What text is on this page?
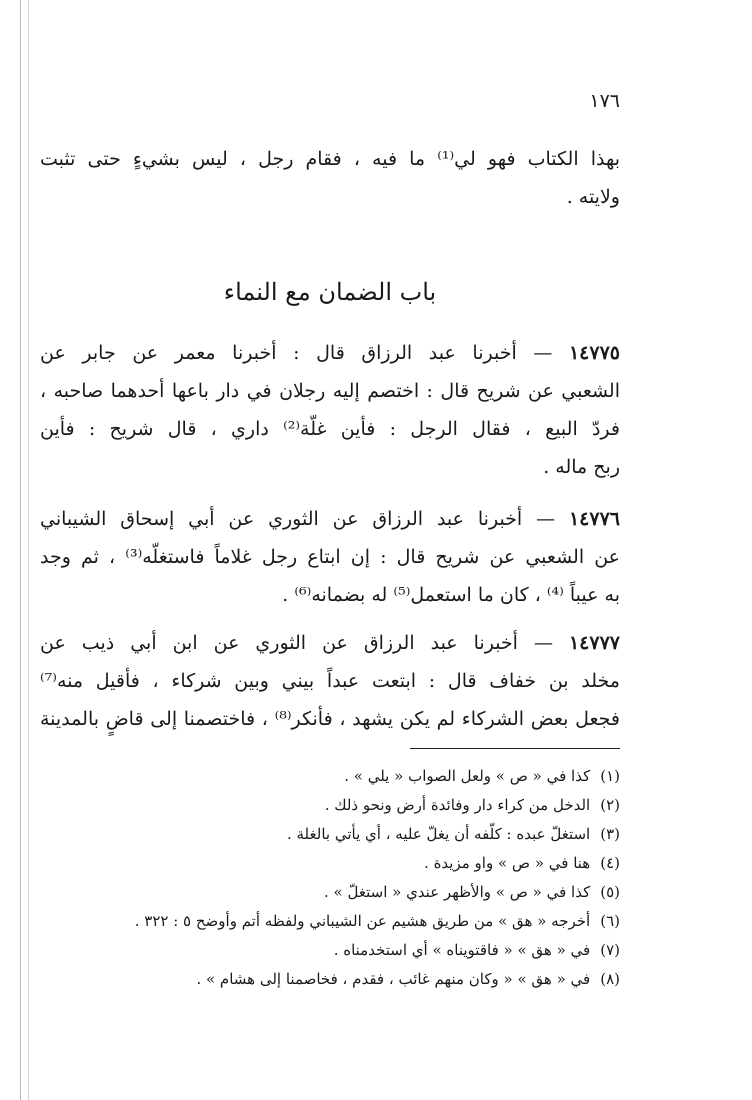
١٧٦
بهذا الكتاب فهو لي⁽¹⁾ ما فيه ، فقام رجل ، ليس بشيءٍ حتى تثبت
ولايته .
باب الضمان مع النماء
١٤٧٧٥ — أخبرنا عبد الرزاق قال : أخبرنا معمر عن جابر عن
الشعبي عن شريح قال : اختصم إليه رجلان في دار باعها أحدهما صاحبه ،
فردّ البيع ، فقال الرجل : فأين غلّة⁽²⁾ داري ، قال شريح : فأين
ربح ماله .
١٤٧٧٦ — أخبرنا عبد الرزاق عن الثوري عن أبي إسحاق الشيباني
عن الشعبي عن شريح قال : إن ابتاع رجل غلاماً فاستغلّه⁽³⁾ ، ثم وجد
به عيباً ⁽⁴⁾ ، كان ما استعمل⁽⁵⁾ له بضمانه⁽⁶⁾ .
١٤٧٧٧ — أخبرنا عبد الرزاق عن الثوري عن ابن أبي ذيب عن
مخلد بن خفاف قال : ابتعت عبداً بيني وبين شركاء ، فأقيل منه⁽⁷⁾
فجعل بعض الشركاء لم يكن يشهد ، فأنكر⁽⁸⁾ ، فاختصمنا إلى قاضٍ بالمدينة
(١)كذا في « ص » ولعل الصواب « يلي » .
(٢)الدخل من كراء دار وفائدة أرض ونحو ذلك .
(٣)استغلّ عبده : كلّفه أن يغلّ عليه ، أي يأتي بالغلة .
(٤)هنا في « ص » واو مزيدة .
(٥)كذا في « ص » والأظهر عندي « استغلّ » .
(٦)أخرجه « هق » من طريق هشيم عن الشيباني ولفظه أتم وأوضح ٥ : ٣٢٢ .
(٧)في « هق » « فاقتويناه » أي استخدمناه .
(٨)في « هق » « وكان منهم غائب ، فقدم ، فخاصمنا إلى هشام » .
